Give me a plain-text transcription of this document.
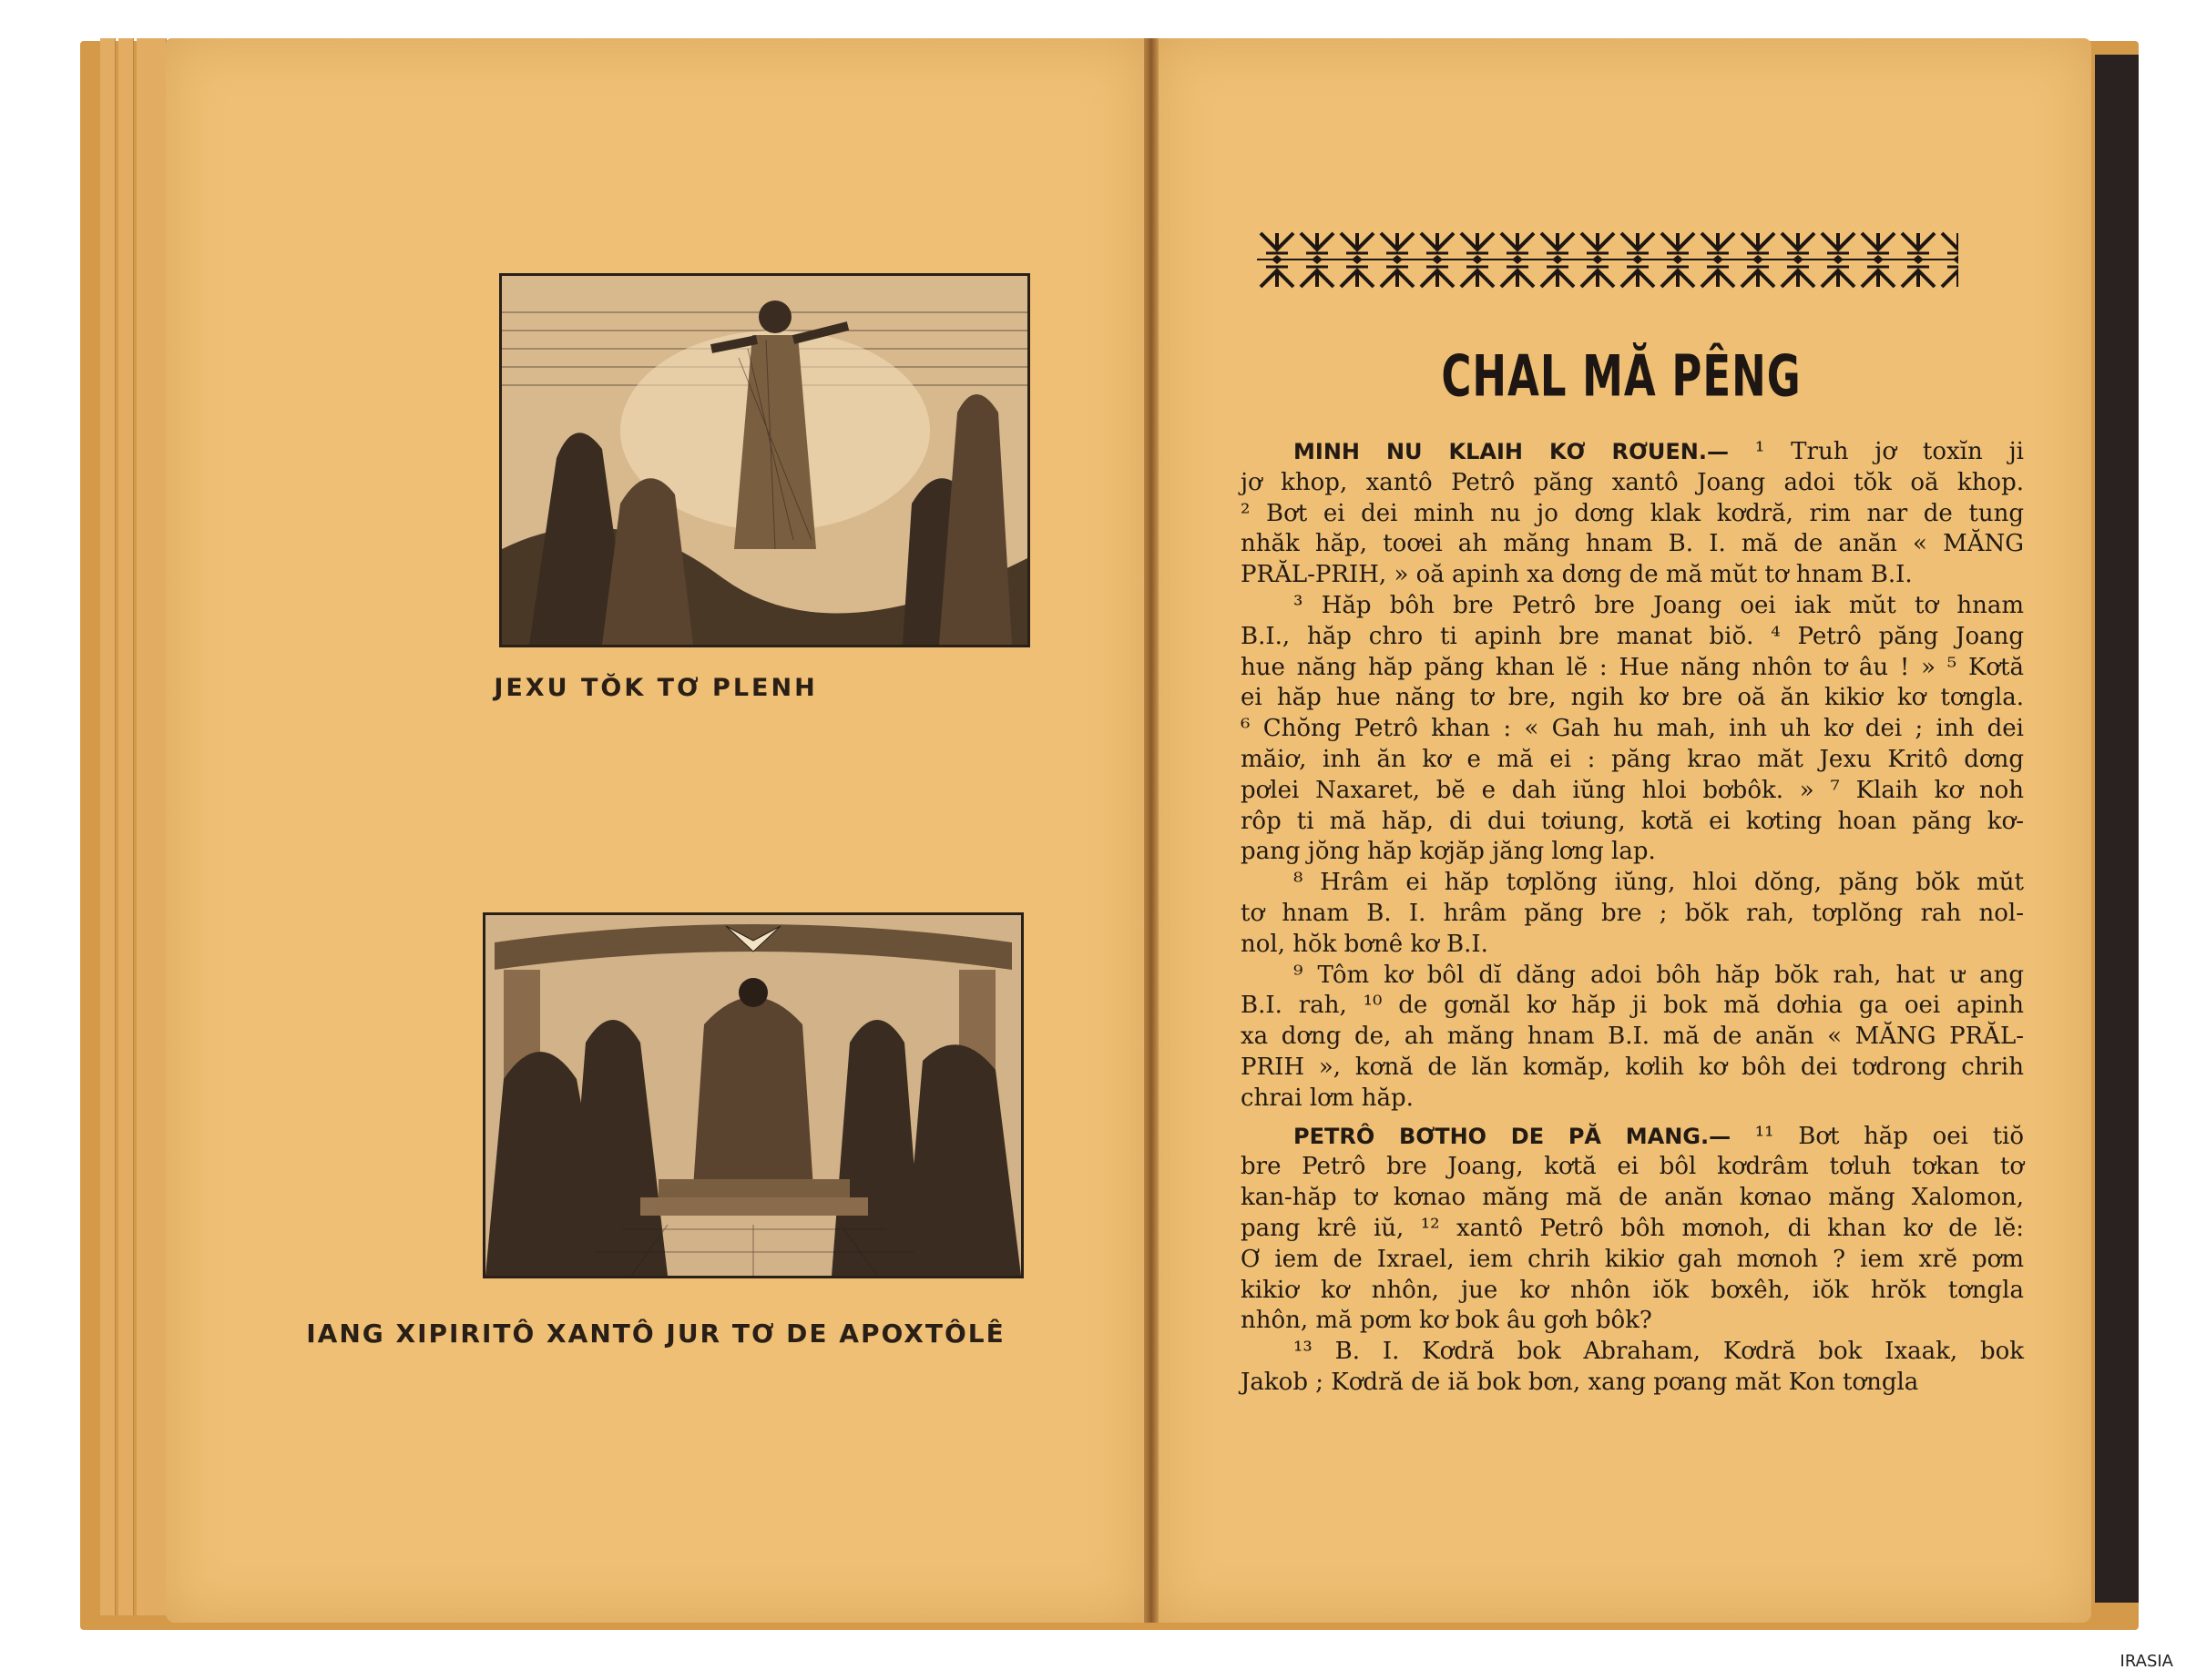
JEXU TŎK TƠ PLENH
IANG XIPIRITÔ XANTÔ JUR TƠ DE APOXTÔLÊ
CHAL MĂ PÊNG
MINH NU KLAIH KƠ RƠUEN.— ¹ Truh jơ toxĭn ji
jơ khop, xantô Petrô păng xantô Joang adoi tŏk oă khop.
² Bơt ei dei minh nu jo dơng klak kơdră, rim nar de tung
nhăk hăp, toơei ah măng hnam B. I. mă de anăn « MĂNG
PRĂL-PRIH, » oă apinh xa dơng de mă mŭt tơ hnam B.I.
³ Hăp bôh bre Petrô bre Joang oei iak mŭt tơ hnam
B.I., hăp chro ti apinh bre manat biŏ. ⁴ Petrô păng Joang
hue năng hăp păng khan lĕ : Hue năng nhôn tơ âu ! » ⁵ Kơtă
ei hăp hue năng tơ bre, ngih kơ bre oă ăn kikiơ kơ tơngla.
⁶ Chŏng Petrô khan : « Gah hu mah, inh uh kơ dei ; inh dei
măiơ, inh ăn kơ e mă ei : păng krao măt Jexu Kritô dơng
pơlei Naxaret, bĕ e dah iŭng hloi bơbôk. » ⁷ Klaih kơ noh
rôp ti mă hăp, di dui tơiung, kơtă ei kơting hoan păng kơ-
pang jŏng hăp kơjăp jăng lơng lap.
⁸ Hrâm ei hăp tơplŏng iŭng, hloi dŏng, păng bŏk mŭt
tơ hnam B. I. hrâm păng bre ; bŏk rah, tơplŏng rah nol-
nol, hŏk bơnê kơ B.I.
⁹ Tôm kơ bôl dĭ dăng adoi bôh hăp bŏk rah, hat ư ang
B.I. rah, ¹⁰ de gơnăl kơ hăp ji bok mă dơhia ga oei apinh
xa dơng de, ah măng hnam B.I. mă de anăn « MĂNG PRĂL-
PRIH », kơnă de lăn kơmăp, kơlih kơ bôh dei tơdrong chrih
chrai lơm hăp.
PETRÔ BƠTHO DE PĂ MANG.— ¹¹ Bơt hăp oei tiŏ
bre Petrô bre Joang, kơtă ei bôl kơdrâm tơluh tơkan tơ
kan-hăp tơ kơnao măng mă de anăn kơnao măng Xalomon,
pang krê iŭ, ¹² xantô Petrô bôh mơnoh, di khan kơ de lĕ:
Ơ iem de Ixrael, iem chrih kikiơ gah mơnoh ? iem xrĕ pơm
kikiơ kơ nhôn, jue kơ nhôn iŏk bơxêh, iŏk hrŏk tơngla
nhôn, mă pơm kơ bok âu gơh bôk?
¹³ B. I. Kơdră bok Abraham, Kơdră bok Ixaak, bok
Jakob ; Kơdră de iă bok bơn, xang pơang măt Kon tơngla
IRASIA
